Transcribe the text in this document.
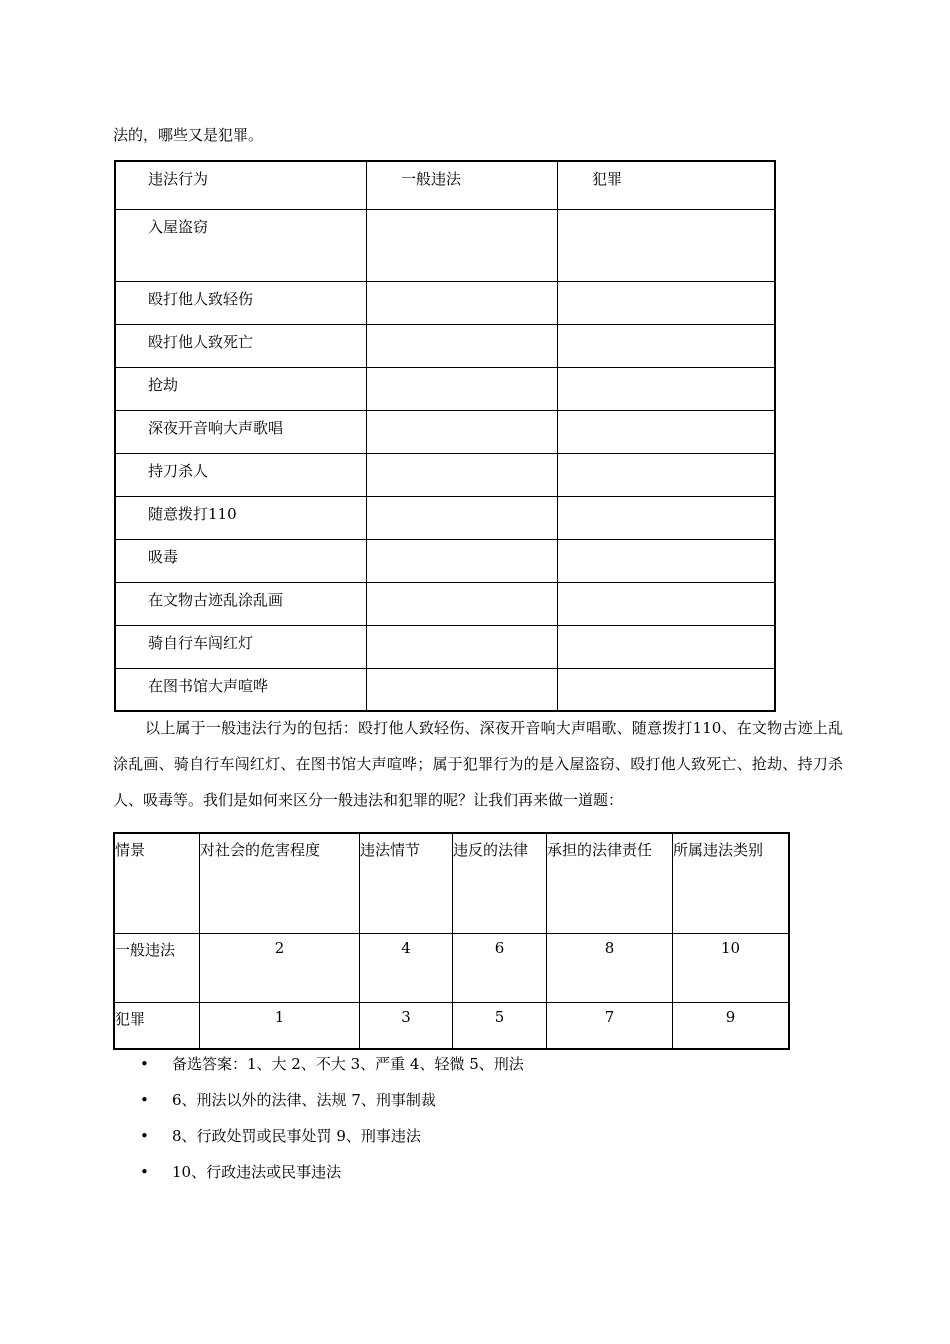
法的，哪些又是犯罪。

违法行为	一般违法	犯罪
入屋盗窃		
殴打他人致轻伤		
殴打他人致死亡		
抢劫		
深夜开音响大声歌唱		
持刀杀人		
随意拨打110		
吸毒		
在文物古迹乱涂乱画		
骑自行车闯红灯		
在图书馆大声喧哗		

以上属于一般违法行为的包括：殴打他人致轻伤、深夜开音响大声唱歌、随意拨打110、在文物古迹上乱涂乱画、骑自行车闯红灯、在图书馆大声喧哗；属于犯罪行为的是入屋盗窃、殴打他人致死亡、抢劫、持刀杀人、吸毒等。我们是如何来区分一般违法和犯罪的呢？让我们再来做一道题：

情景	对社会的危害程度	违法情节	违反的法律	承担的法律责任	所属违法类别
一般违法	2	4	6	8	10
犯罪	1	3	5	7	9
• 备选答案：1、大 2、不大 3、严重 4、轻微 5、刑法
• 6、刑法以外的法律、法规 7、刑事制裁
• 8、行政处罚或民事处罚 9、刑事违法
• 10、行政违法或民事违法
